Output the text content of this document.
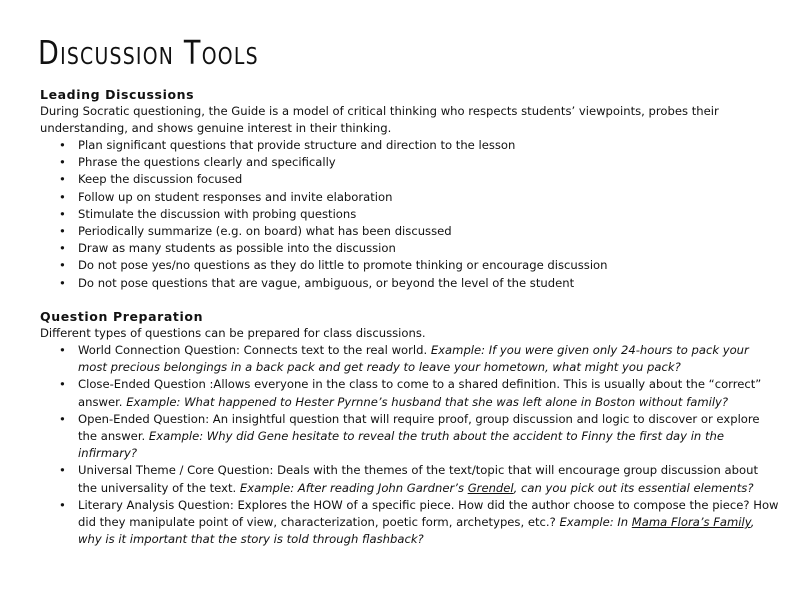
Discussion Tools
Leading Discussions

During Socratic questioning, the Guide is a model of critical thinking who respects students’ viewpoints, probes their understanding, and shows genuine interest in their thinking.

• Plan significant questions that provide structure and direction to the lesson
• Phrase the questions clearly and specifically
• Keep the discussion focused
• Follow up on student responses and invite elaboration
• Stimulate the discussion with probing questions
• Periodically summarize (e.g. on board) what has been discussed
• Draw as many students as possible into the discussion
• Do not pose yes/no questions as they do little to promote thinking or encourage discussion
• Do not pose questions that are vague, ambiguous, or beyond the level of the student
Question Preparation

Different types of questions can be prepared for class discussions.

• World Connection Question: Connects text to the real world. Example: If you were given only 24-hours to pack your most precious belongings in a back pack and get ready to leave your hometown, what might you pack?
• Close-Ended Question :Allows everyone in the class to come to a shared definition. This is usually about the “correct” answer. Example: What happened to Hester Pyrnne’s husband that she was left alone in Boston without family?
• Open-Ended Question: An insightful question that will require proof, group discussion and logic to discover or explore the answer. Example: Why did Gene hesitate to reveal the truth about the accident to Finny the first day in the infirmary?
• Universal Theme / Core Question: Deals with the themes of the text/topic that will encourage group discussion about the universality of the text. Example: After reading John Gardner’s Grendel, can you pick out its essential elements?
• Literary Analysis Question: Explores the HOW of a specific piece. How did the author choose to compose the piece? How did they manipulate point of view, characterization, poetic form, archetypes, etc.? Example: In Mama Flora’s Family, why is it important that the story is told through flashback?
